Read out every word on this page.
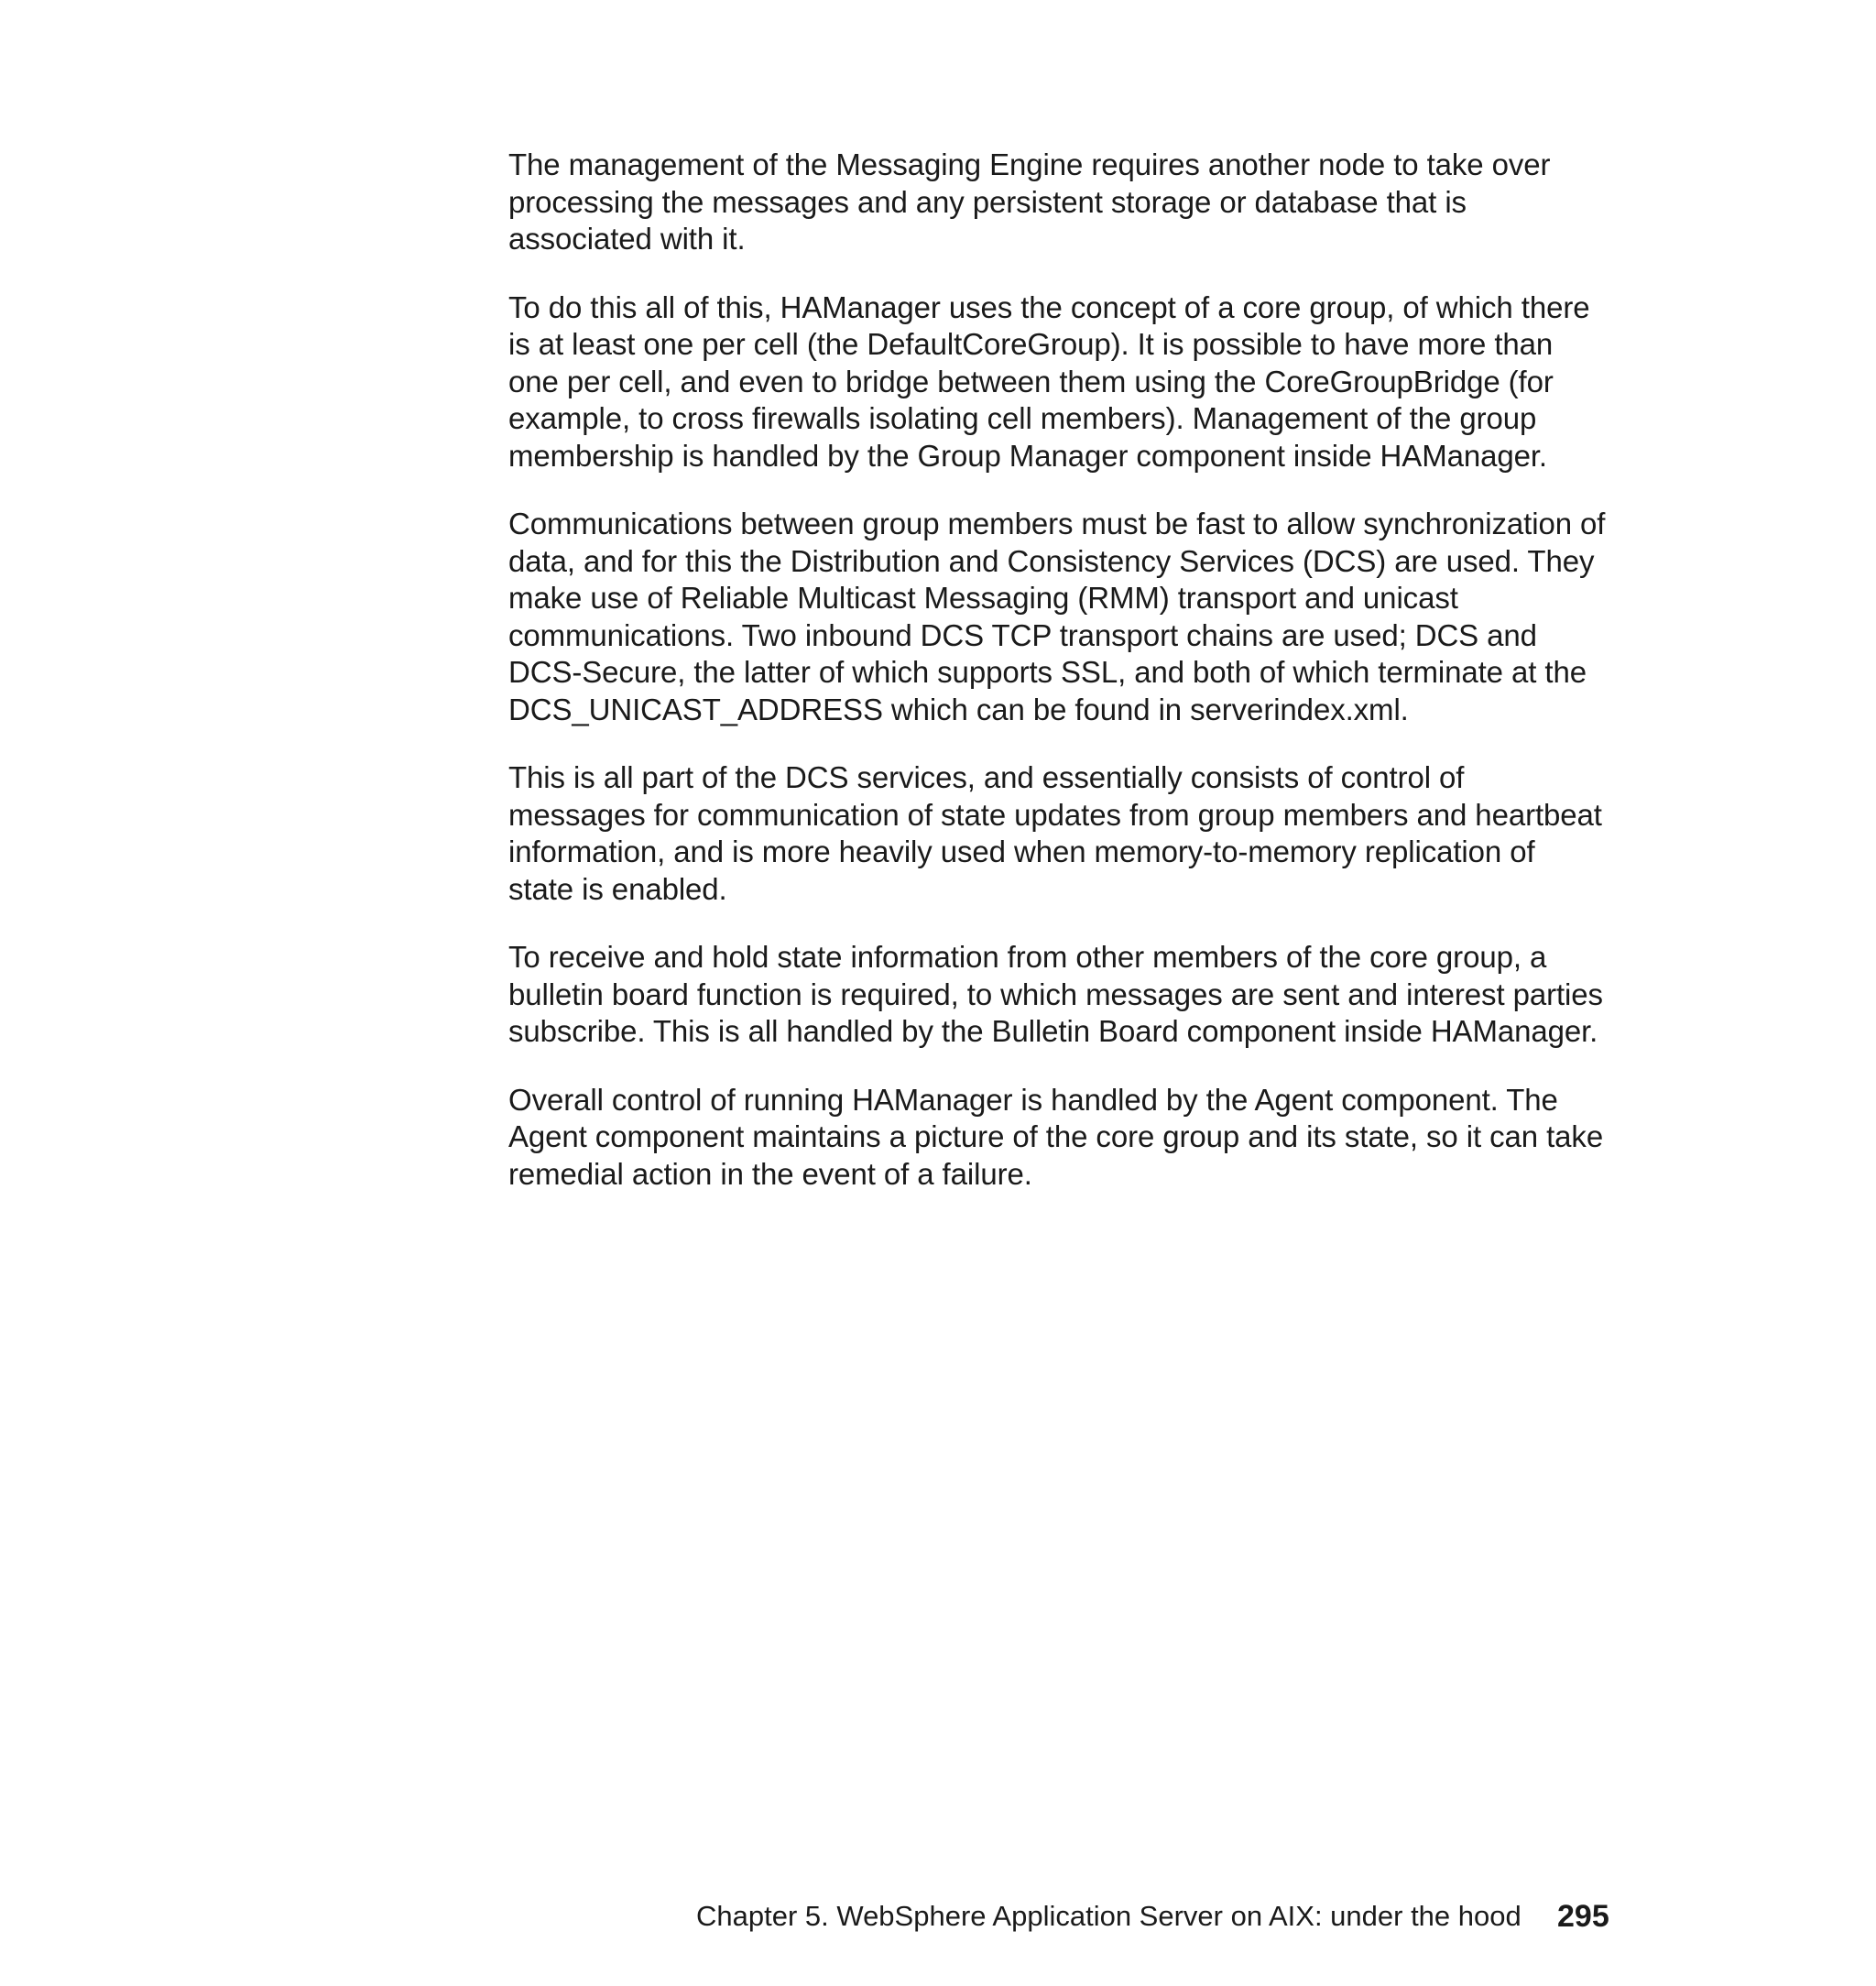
The management of the Messaging Engine requires another node to take over processing the messages and any persistent storage or database that is associated with it.

To do this all of this, HAManager uses the concept of a core group, of which there is at least one per cell (the DefaultCoreGroup). It is possible to have more than one per cell, and even to bridge between them using the CoreGroupBridge (for example, to cross firewalls isolating cell members). Management of the group membership is handled by the Group Manager component inside HAManager.

Communications between group members must be fast to allow synchronization of data, and for this the Distribution and Consistency Services (DCS) are used. They make use of Reliable Multicast Messaging (RMM) transport and unicast communications. Two inbound DCS TCP transport chains are used; DCS and DCS-Secure, the latter of which supports SSL, and both of which terminate at the DCS_UNICAST_ADDRESS which can be found in serverindex.xml.

This is all part of the DCS services, and essentially consists of control of messages for communication of state updates from group members and heartbeat information, and is more heavily used when memory-to-memory replication of state is enabled.

To receive and hold state information from other members of the core group, a bulletin board function is required, to which messages are sent and interest parties subscribe. This is all handled by the Bulletin Board component inside HAManager.

Overall control of running HAManager is handled by the Agent component. The Agent component maintains a picture of the core group and its state, so it can take remedial action in the event of a failure.

Chapter 5. WebSphere Application Server on AIX: under the hood 295
